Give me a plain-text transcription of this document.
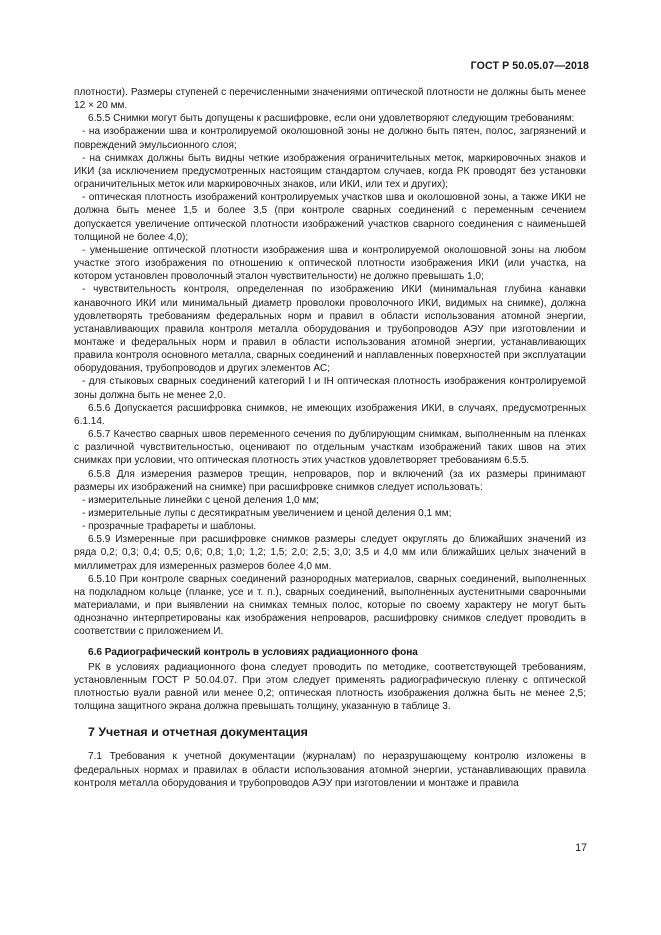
ГОСТ Р 50.05.07—2018

плотности). Размеры ступеней с перечисленными значениями оптической плотности не должны быть менее 12 × 20 мм.

6.5.5 Снимки могут быть допущены к расшифровке, если они удовлетворяют следующим требованиям:

- на изображении шва и контролируемой околошовной зоны не должно быть пятен, полос, загрязнений и повреждений эмульсионного слоя;

- на снимках должны быть видны четкие изображения ограничительных меток, маркировочных знаков и ИКИ (за исключением предусмотренных настоящим стандартом случаев, когда РК проводят без установки ограничительных меток или маркировочных знаков, или ИКИ, или тех и других);

- оптическая плотность изображений контролируемых участков шва и околошовной зоны, а также ИКИ не должна быть менее 1,5 и более 3,5 (при контроле сварных соединений с переменным сечением допускается увеличение оптической плотности изображений участков сварного соединения с наименьшей толщиной не более 4,0);

- уменьшение оптической плотности изображения шва и контролируемой околошовной зоны на любом участке этого изображения по отношению к оптической плотности изображения ИКИ (или участка, на котором установлен проволочный эталон чувствительности) не должно превышать 1,0;

- чувствительность контроля, определенная по изображению ИКИ (минимальная глубина канавки канавочного ИКИ или минимальный диаметр проволоки проволочного ИКИ, видимых на снимке), должна удовлетворять требованиям федеральных норм и правил в области использования атомной энергии, устанавливающих правила контроля металла оборудования и трубопроводов АЭУ при изготовлении и монтаже и федеральных норм и правил в области использования атомной энергии, устанавливающих правила контроля основного металла, сварных соединений и наплавленных поверхностей при эксплуатации оборудования, трубопроводов и других элементов АС;

- для стыковых сварных соединений категорий I и IН оптическая плотность изображения контролируемой зоны должна быть не менее 2,0.

6.5.6 Допускается расшифровка снимков, не имеющих изображения ИКИ, в случаях, предусмотренных 6.1.14.

6.5.7 Качество сварных швов переменного сечения по дублирующим снимкам, выполненным на пленках с различной чувствительностью, оценивают по отдельным участкам изображений таких швов на этих снимках при условии, что оптическая плотность этих участков удовлетворяет требованиям 6.5.5.

6.5.8 Для измерения размеров трещин, непроваров, пор и включений (за их размеры принимают размеры их изображений на снимке) при расшифровке снимков следует использовать:

- измерительные линейки с ценой деления 1,0 мм;

- измерительные лупы с десятикратным увеличением и ценой деления 0,1 мм;

- прозрачные трафареты и шаблоны.

6.5.9 Измеренные при расшифровке снимков размеры следует округлять до ближайших значений из ряда 0,2; 0,3; 0,4; 0,5; 0,6; 0,8; 1,0; 1,2; 1,5; 2,0; 2,5; 3,0; 3,5 и 4,0 мм или ближайших целых значений в миллиметрах для измеренных размеров более 4,0 мм.

6.5.10 При контроле сварных соединений разнородных материалов, сварных соединений, выполненных на подкладном кольце (планке, усе и т. п.), сварных соединений, выполненных аустенитными сварочными материалами, и при выявлении на снимках темных полос, которые по своему характеру не могут быть однозначно интерпретированы как изображения непроваров, расшифровку снимков следует проводить в соответствии с приложением И.

6.6 Радиографический контроль в условиях радиационного фона

РК в условиях радиационного фона следует проводить по методике, соответствующей требованиям, установленным ГОСТ Р 50.04.07. При этом следует применять радиографическую пленку с оптической плотностью вуали равной или менее 0,2; оптическая плотность изображения должна быть не менее 2,5; толщина защитного экрана должна превышать толщину, указанную в таблице 3.

7 Учетная и отчетная документация

7.1 Требования к учетной документации (журналам) по неразрушающему контролю изложены в федеральных нормах и правилах в области использования атомной энергии, устанавливающих правила контроля металла оборудования и трубопроводов АЭУ при изготовлении и монтаже и правила

17
